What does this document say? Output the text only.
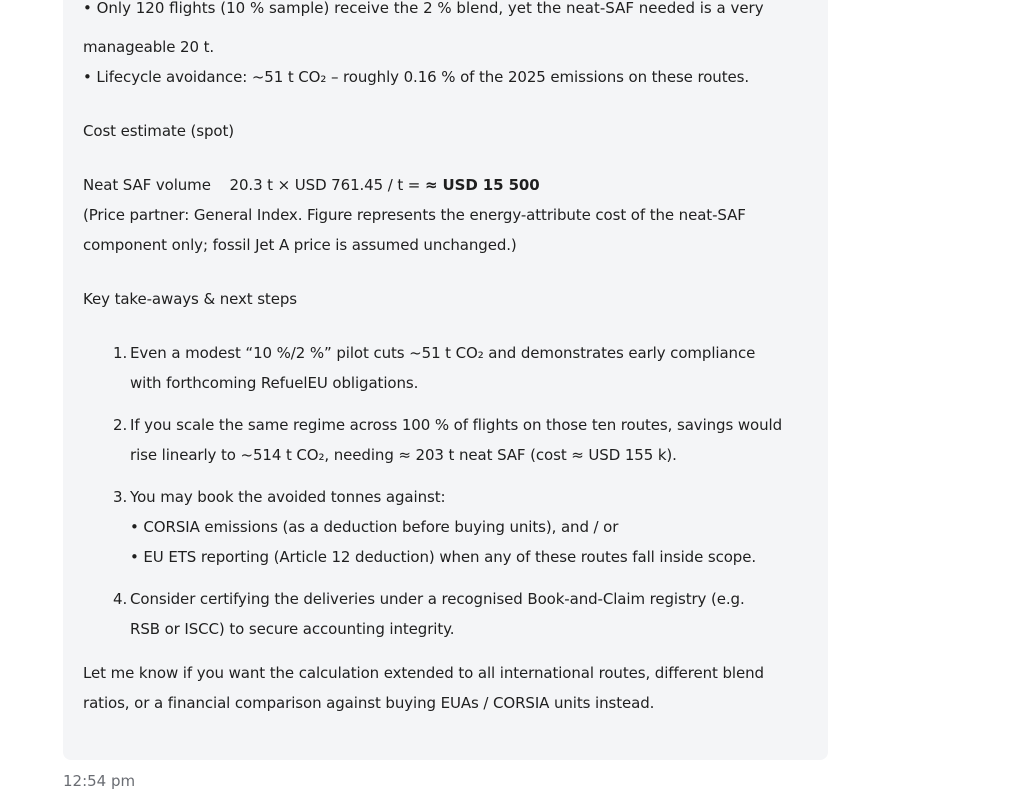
• Only 120 flights (10 % sample) receive the 2 % blend, yet the neat-SAF needed is a very

manageable 20 t.

• Lifecycle avoidance: ~51 t CO₂ – roughly 0.16 % of the 2025 emissions on these routes.

Cost estimate (spot)

Neat SAF volume 20.3 t × USD 761.45 / t = ≈ USD 15 500

(Price partner: General Index. Figure represents the energy-attribute cost of the neat-SAF

component only; fossil Jet A price is assumed unchanged.)

Key take-aways & next steps

1. Even a modest “10 %/2 %” pilot cuts ~51 t CO₂ and demonstrates early compliance

with forthcoming RefuelEU obligations.

2. If you scale the same regime across 100 % of flights on those ten routes, savings would

rise linearly to ~514 t CO₂, needing ≈ 203 t neat SAF (cost ≈ USD 155 k).

3. You may book the avoided tonnes against:

• CORSIA emissions (as a deduction before buying units), and / or

• EU ETS reporting (Article 12 deduction) when any of these routes fall inside scope.

4. Consider certifying the deliveries under a recognised Book-and-Claim registry (e.g.

RSB or ISCC) to secure accounting integrity.

Let me know if you want the calculation extended to all international routes, different blend

ratios, or a financial comparison against buying EUAs / CORSIA units instead.

12:54 pm
